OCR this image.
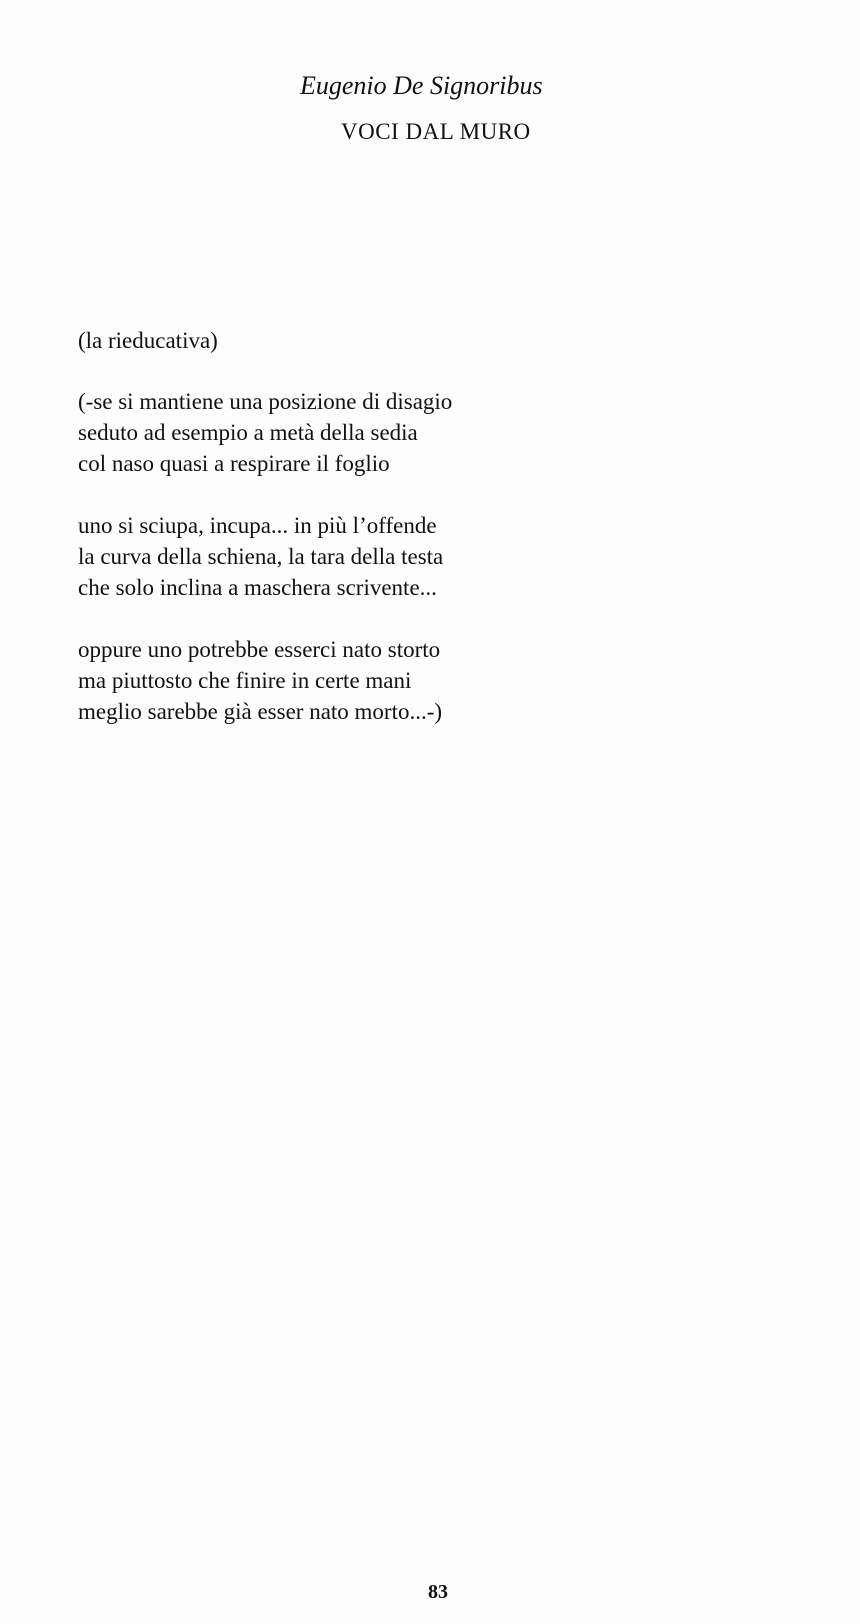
Eugenio De Signoribus
VOCI DAL MURO
(la rieducativa)
(-se si mantiene una posizione di disagio
seduto ad esempio a metà della sedia
col naso quasi a respirare il foglio
uno si sciupa, incupa... in più l’offende
la curva della schiena, la tara della testa
che solo inclina a maschera scrivente...
oppure uno potrebbe esserci nato storto
ma piuttosto che finire in certe mani
meglio sarebbe già esser nato morto...-)
83
